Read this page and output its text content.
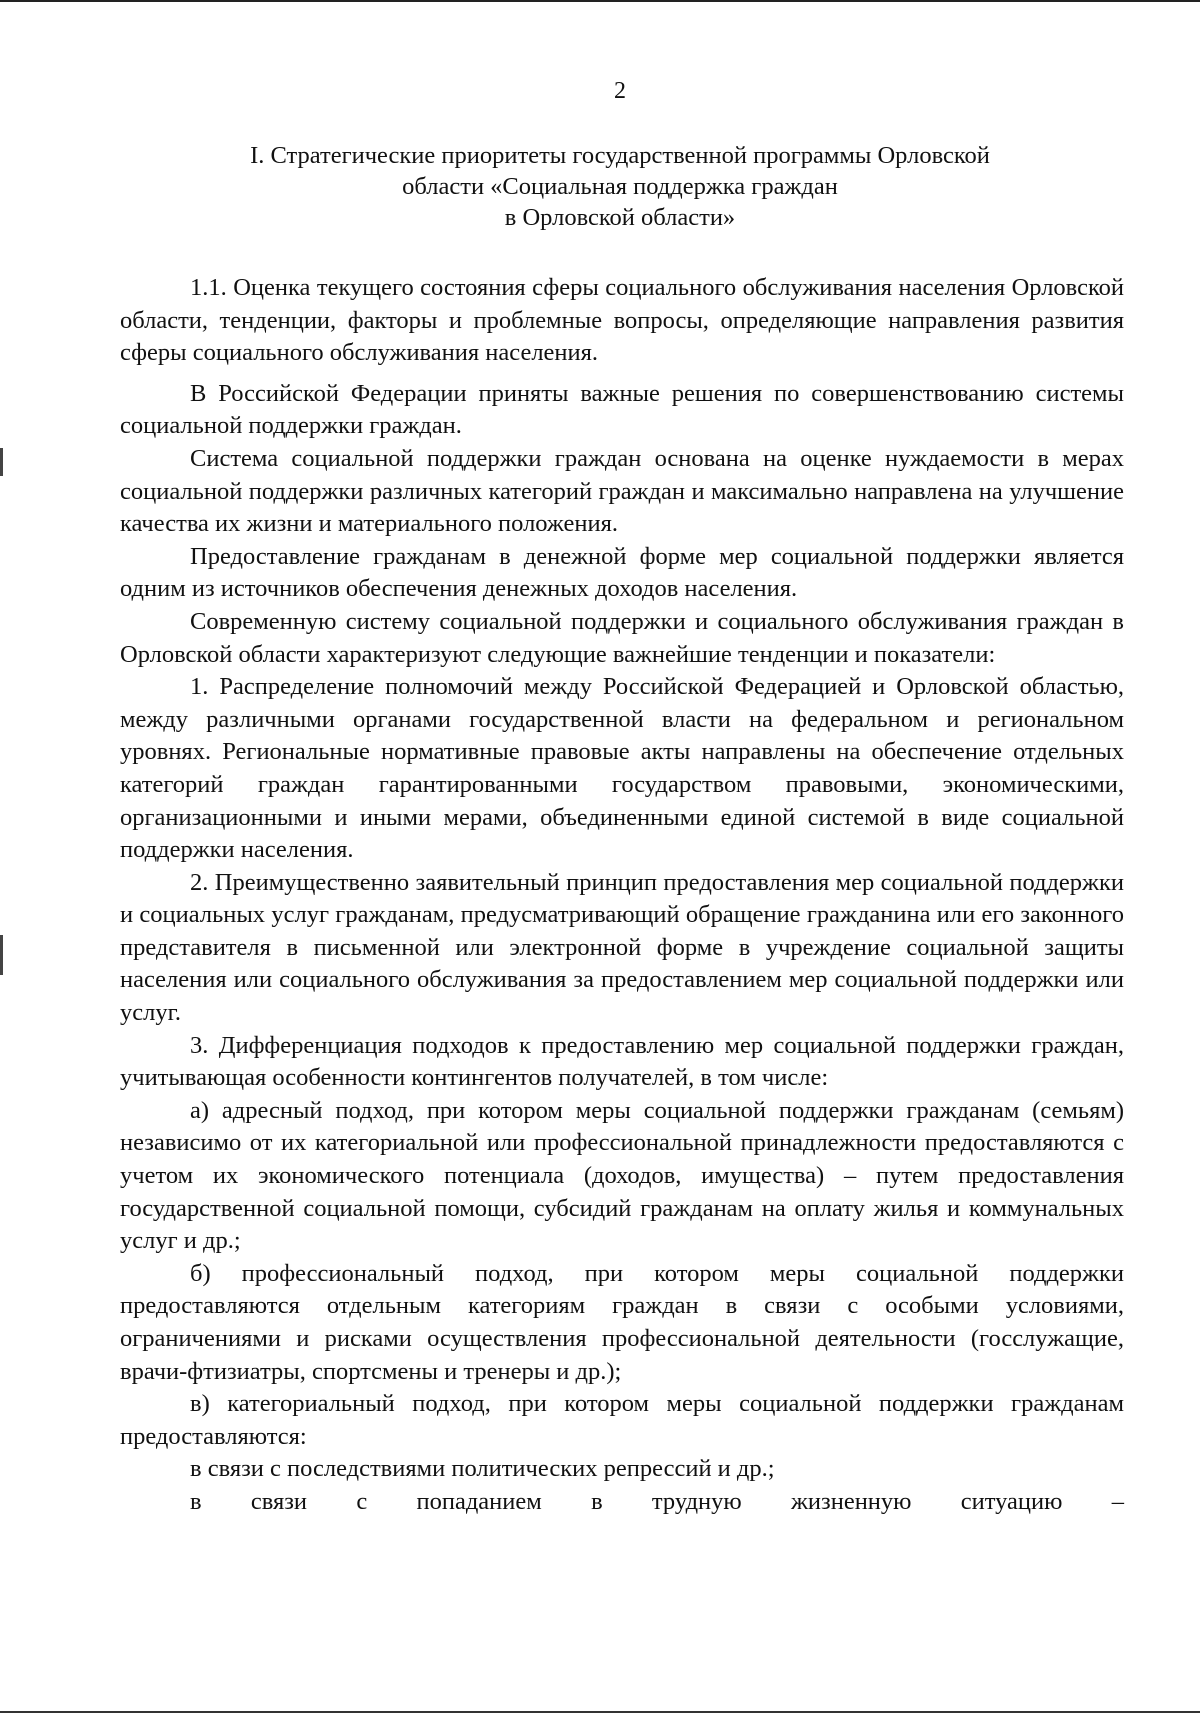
2
I. Стратегические приоритеты государственной программы Орловской
области «Социальная поддержка граждан
в Орловской области»

1.1. Оценка текущего состояния сферы социального обслуживания населения Орловской области, тенденции, факторы и проблемные вопросы, определяющие направления развития сферы социального обслуживания населения.

В Российской Федерации приняты важные решения по совершенствованию системы социальной поддержки граждан.

Система социальной поддержки граждан основана на оценке нуждаемости в мерах социальной поддержки различных категорий граждан и максимально направлена на улучшение качества их жизни и материального положения.

Предоставление гражданам в денежной форме мер социальной поддержки является одним из источников обеспечения денежных доходов населения.

Современную систему социальной поддержки и социального обслуживания граждан в Орловской области характеризуют следующие важнейшие тенденции и показатели:

1. Распределение полномочий между Российской Федерацией и Орловской областью, между различными органами государственной власти на федеральном и региональном уровнях. Региональные нормативные правовые акты направлены на обеспечение отдельных категорий граждан гарантированными государством правовыми, экономическими, организационными и иными мерами, объединенными единой системой в виде социальной поддержки населения.

2. Преимущественно заявительный принцип предоставления мер социальной поддержки и социальных услуг гражданам, предусматривающий обращение гражданина или его законного представителя в письменной или электронной форме в учреждение социальной защиты населения или социального обслуживания за предоставлением мер социальной поддержки или услуг.

3. Дифференциация подходов к предоставлению мер социальной поддержки граждан, учитывающая особенности контингентов получателей, в том числе:

а) адресный подход, при котором меры социальной поддержки гражданам (семьям) независимо от их категориальной или профессиональной принадлежности предоставляются с учетом их экономического потенциала (доходов, имущества) – путем предоставления государственной социальной помощи, субсидий гражданам на оплату жилья и коммунальных услуг и др.;

б) профессиональный подход, при котором меры социальной поддержки предоставляются отдельным категориям граждан в связи с особыми условиями, ограничениями и рисками осуществления профессиональной деятельности (госслужащие, врачи-фтизиатры, спортсмены и тренеры и др.);

в) категориальный подход, при котором меры социальной поддержки гражданам предоставляются:

в связи с последствиями политических репрессий и др.;

в связи с попаданием в трудную жизненную ситуацию –
